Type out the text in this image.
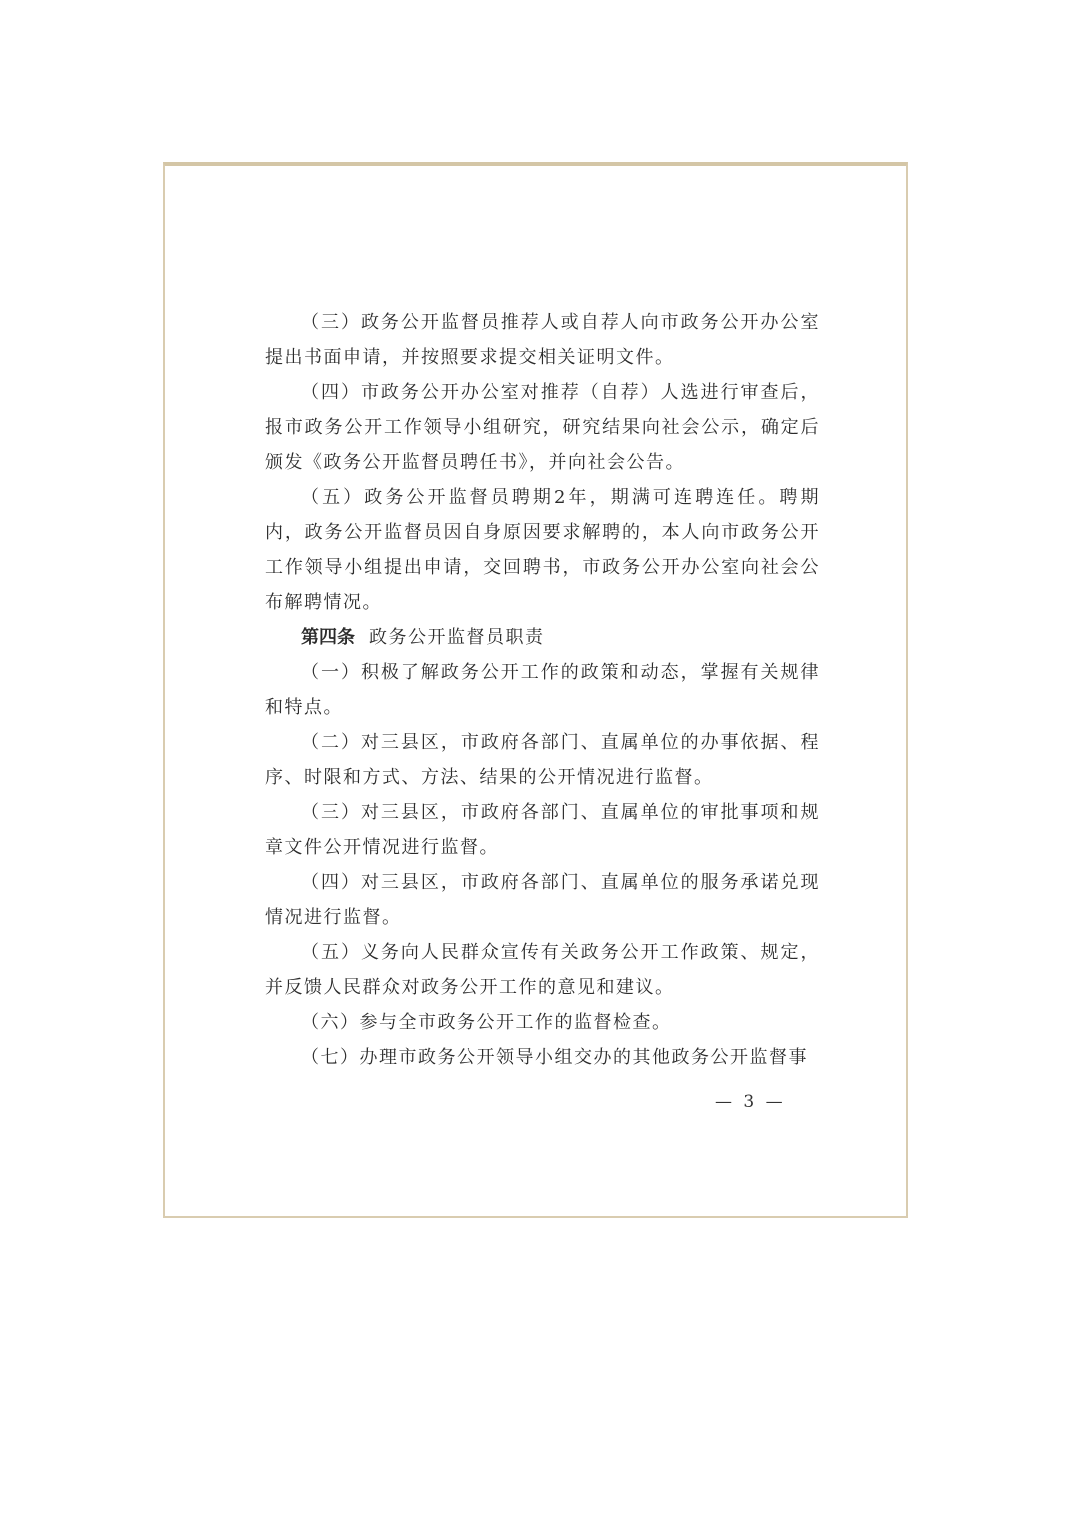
（三）政务公开监督员推荐人或自荐人向市政务公开办公室提出书面申请，并按照要求提交相关证明文件。

（四）市政务公开办公室对推荐（自荐）人选进行审查后，报市政务公开工作领导小组研究，研究结果向社会公示，确定后颁发《政务公开监督员聘任书》，并向社会公告。

（五）政务公开监督员聘期2年，期满可连聘连任。聘期内，政务公开监督员因自身原因要求解聘的，本人向市政务公开工作领导小组提出申请，交回聘书，市政务公开办公室向社会公布解聘情况。

第四条 政务公开监督员职责

（一）积极了解政务公开工作的政策和动态，掌握有关规律和特点。

（二）对三县区，市政府各部门、直属单位的办事依据、程序、时限和方式、方法、结果的公开情况进行监督。

（三）对三县区，市政府各部门、直属单位的审批事项和规章文件公开情况进行监督。

（四）对三县区，市政府各部门、直属单位的服务承诺兑现情况进行监督。

（五）义务向人民群众宣传有关政务公开工作政策、规定，并反馈人民群众对政务公开工作的意见和建议。

（六）参与全市政务公开工作的监督检查。

（七）办理市政务公开领导小组交办的其他政务公开监督事

— 3 —
